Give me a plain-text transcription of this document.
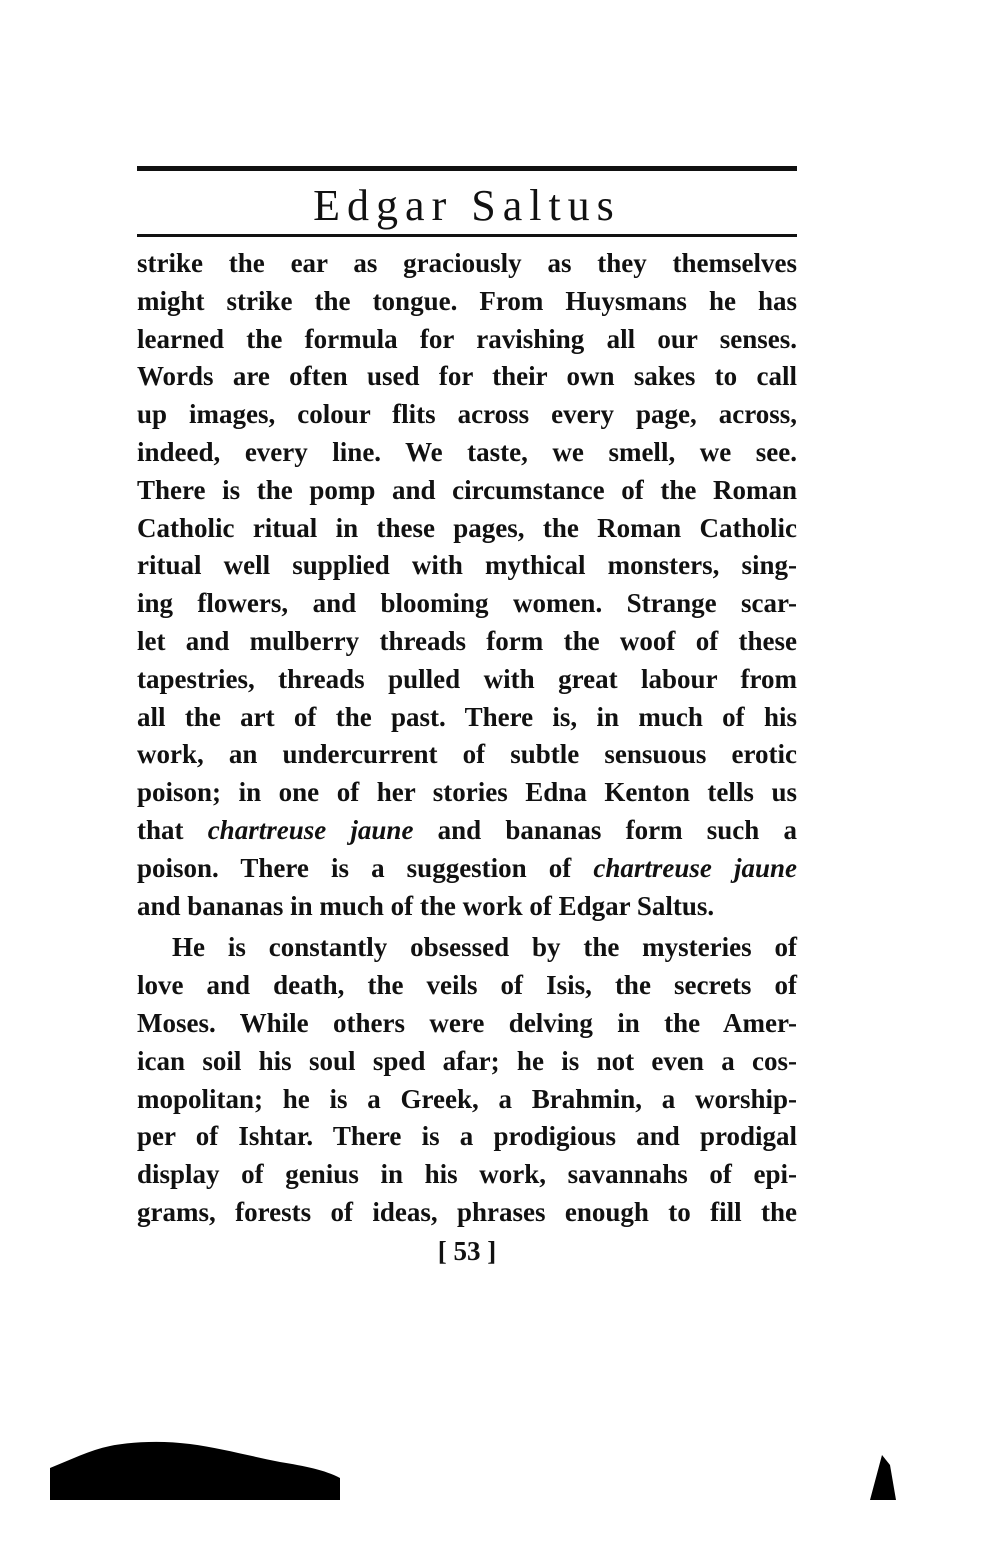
Edgar Saltus
strike the ear as graciously as they themselves
might strike the tongue. From Huysmans he has
learned the formula for ravishing all our senses.
Words are often used for their own sakes to call
up images, colour flits across every page, across,
indeed, every line. We taste, we smell, we see.
There is the pomp and circumstance of the Roman
Catholic ritual in these pages, the Roman Catholic
ritual well supplied with mythical monsters, sing-
ing flowers, and blooming women. Strange scar-
let and mulberry threads form the woof of these
tapestries, threads pulled with great labour from
all the art of the past. There is, in much of his
work, an undercurrent of subtle sensuous erotic
poison; in one of her stories Edna Kenton tells us
that chartreuse jaune and bananas form such a
poison. There is a suggestion of chartreuse jaune
and bananas in much of the work of Edgar Saltus.
He is constantly obsessed by the mysteries of
love and death, the veils of Isis, the secrets of
Moses. While others were delving in the Amer-
ican soil his soul sped afar; he is not even a cos-
mopolitan; he is a Greek, a Brahmin, a worship-
per of Ishtar. There is a prodigious and prodigal
display of genius in his work, savannahs of epi-
grams, forests of ideas, phrases enough to fill the
[ 53 ]
